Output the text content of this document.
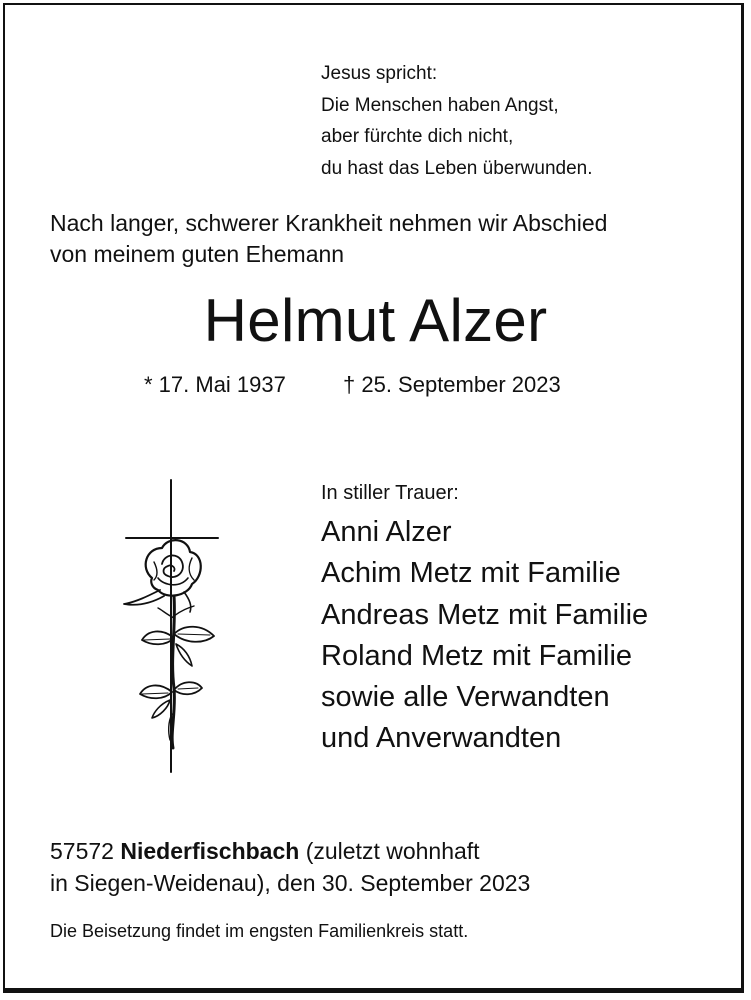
Jesus spricht:
Die Menschen haben Angst,
aber fürchte dich nicht,
du hast das Leben überwunden.
Nach langer, schwerer Krankheit nehmen wir Abschied
von meinem guten Ehemann
Helmut Alzer
* 17. Mai 1937	† 25. September 2023
In stiller Trauer:
Anni Alzer
Achim Metz mit Familie
Andreas Metz mit Familie
Roland Metz mit Familie
sowie alle Verwandten
und Anverwandten
57572 Niederfischbach (zuletzt wohnhaft
in Siegen-Weidenau), den 30. September 2023
Die Beisetzung findet im engsten Familienkreis statt.
